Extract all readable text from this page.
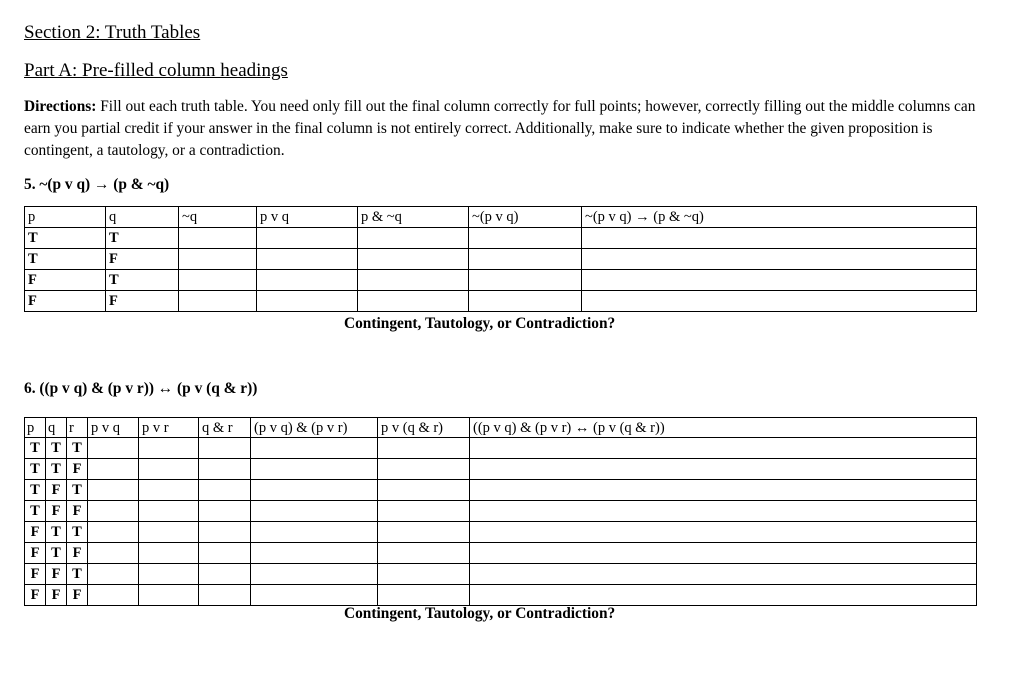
Section 2: Truth Tables
Part A: Pre-filled column headings
Directions: Fill out each truth table. You need only fill out the final column correctly for full points; however, correctly filling out the middle columns can earn you partial credit if your answer in the final column is not entirely correct. Additionally, make sure to indicate whether the given proposition is contingent, a tautology, or a contradiction.
5. ~(p v q) → (p & ~q)
p	q	~q	p v q	p & ~q	~(p v q)	~(p v q) → (p & ~q)
T	T					
T	F					
F	T					
F	F					
Contingent, Tautology, or Contradiction?
6. ((p v q) & (p v r)) ↔ (p v (q & r))
p	q	r	p v q	p v r	q & r	(p v q) & (p v r)	p v (q & r)	((p v q) & (p v r) ↔ (p v (q & r))
T	T	T						
T	T	F						
T	F	T						
T	F	F						
F	T	T						
F	T	F						
F	F	T						
F	F	F						
Contingent, Tautology, or Contradiction?
